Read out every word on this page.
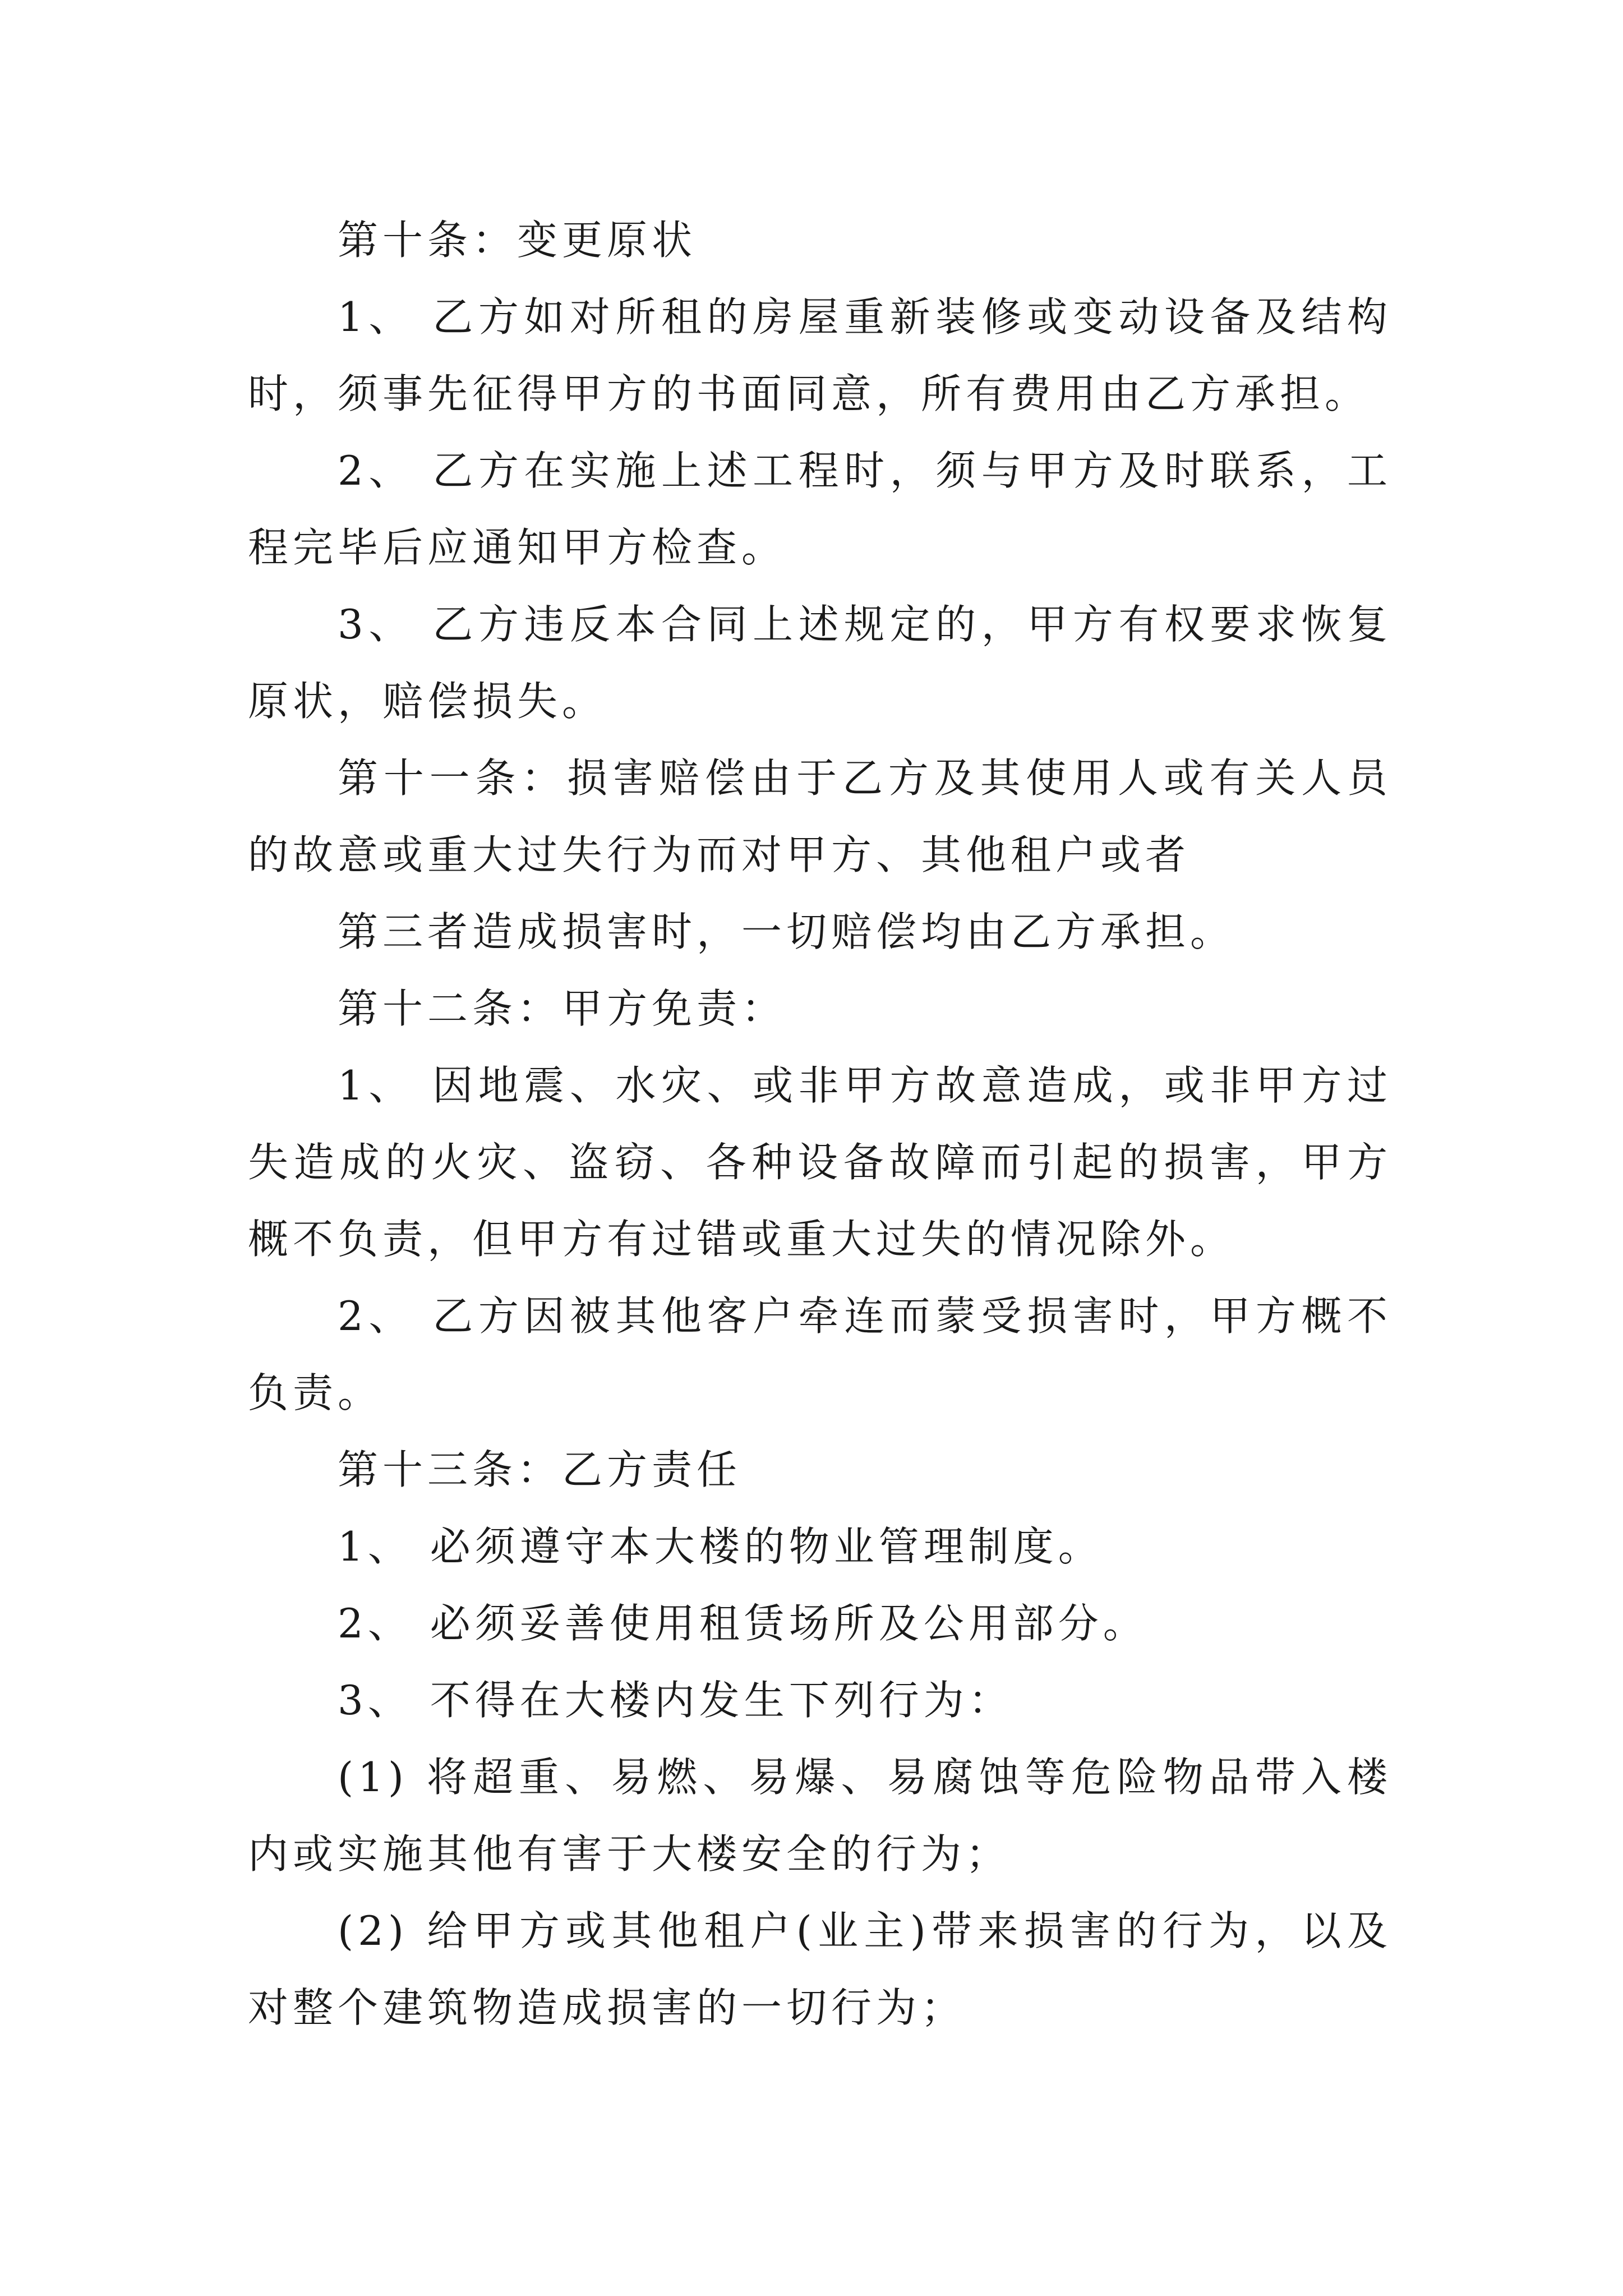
第十条：变更原状

1、 乙方如对所租的房屋重新装修或变动设备及结构时，须事先征得甲方的书面同意，所有费用由乙方承担。

2、 乙方在实施上述工程时，须与甲方及时联系，工程完毕后应通知甲方检查。

3、 乙方违反本合同上述规定的，甲方有权要求恢复原状，赔偿损失。

第十一条：损害赔偿由于乙方及其使用人或有关人员的故意或重大过失行为而对甲方、其他租户或者

第三者造成损害时，一切赔偿均由乙方承担。

第十二条：甲方免责：

1、 因地震、水灾、或非甲方故意造成，或非甲方过失造成的火灾、盗窃、各种设备故障而引起的损害，甲方概不负责，但甲方有过错或重大过失的情况除外。

2、 乙方因被其他客户牵连而蒙受损害时，甲方概不负责。

第十三条：乙方责任

1、 必须遵守本大楼的物业管理制度。

2、 必须妥善使用租赁场所及公用部分。

3、 不得在大楼内发生下列行为：

(1) 将超重、易燃、易爆、易腐蚀等危险物品带入楼内或实施其他有害于大楼安全的行为；

(2) 给甲方或其他租户(业主)带来损害的行为，以及对整个建筑物造成损害的一切行为；
